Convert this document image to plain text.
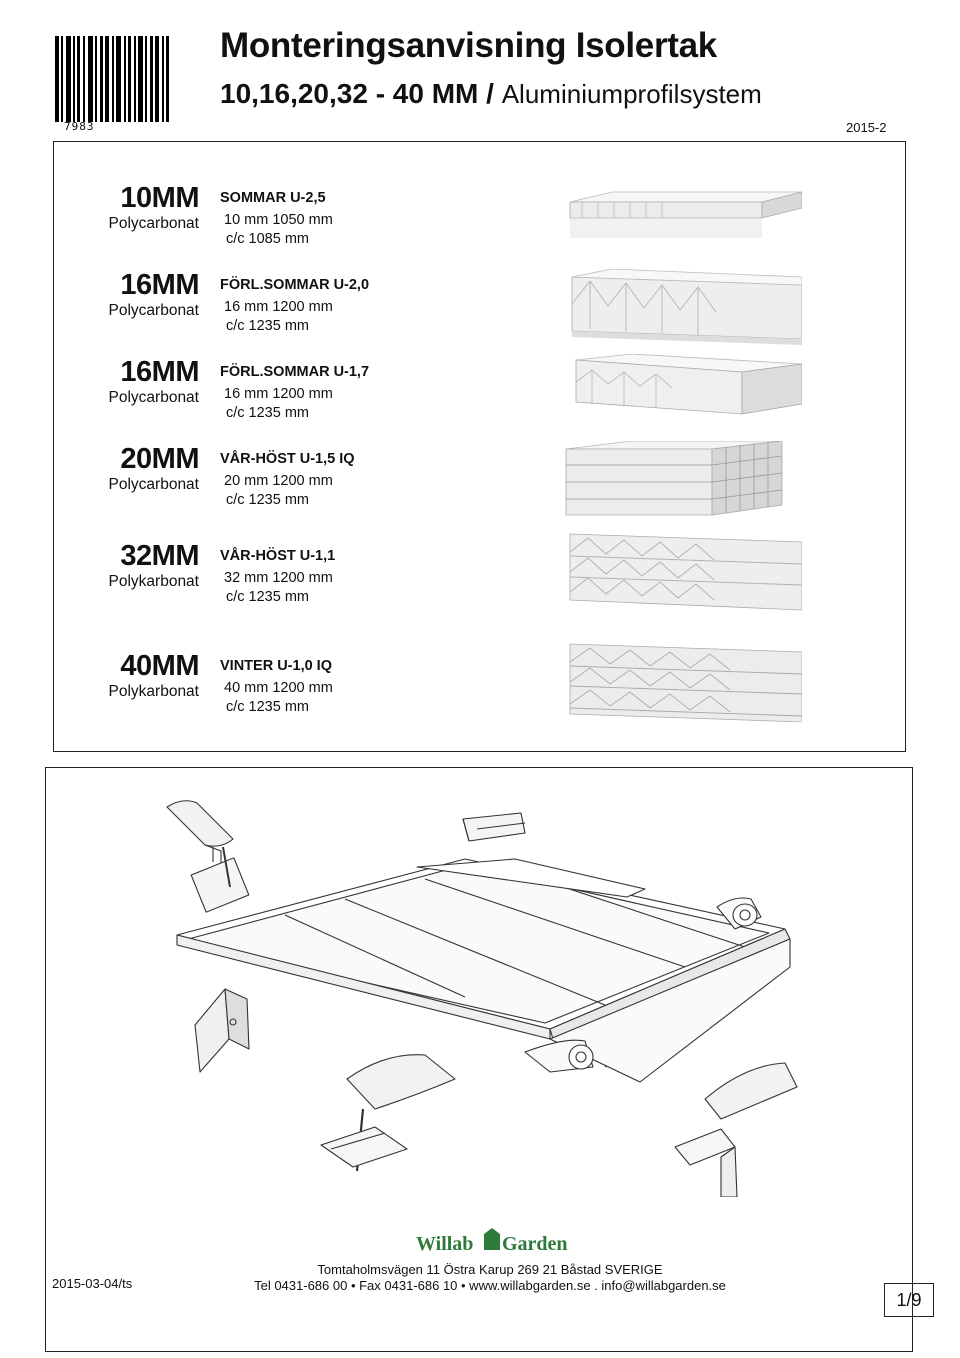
7983
Monteringsanvisning Isolertak
10,16,20,32 - 40 MM / Aluminiumprofilsystem
2015-2
10MM
Polycarbonat
SOMMAR U-2,5
10 mm 1050 mm
c/c 1085 mm
16MM
Polycarbonat
FÖRL.SOMMAR U-2,0
16 mm 1200 mm
c/c 1235 mm
16MM
Polycarbonat
FÖRL.SOMMAR U-1,7
16 mm 1200 mm
c/c 1235 mm
20MM
Polycarbonat
VÅR-HÖST U-1,5 IQ
20 mm 1200 mm
c/c 1235 mm
32MM
Polykarbonat
VÅR-HÖST U-1,1
32 mm 1200 mm
c/c 1235 mm
40MM
Polykarbonat
VINTER U-1,0 IQ
40 mm 1200 mm
c/c 1235 mm
Willab Garden
2015-03-04/ts
Tomtaholmsvägen 11 Östra Karup 269 21 Båstad SVERIGE
Tel 0431-686 00 • Fax 0431-686 10 • www.willabgarden.se . info@willabgarden.se
1/9
